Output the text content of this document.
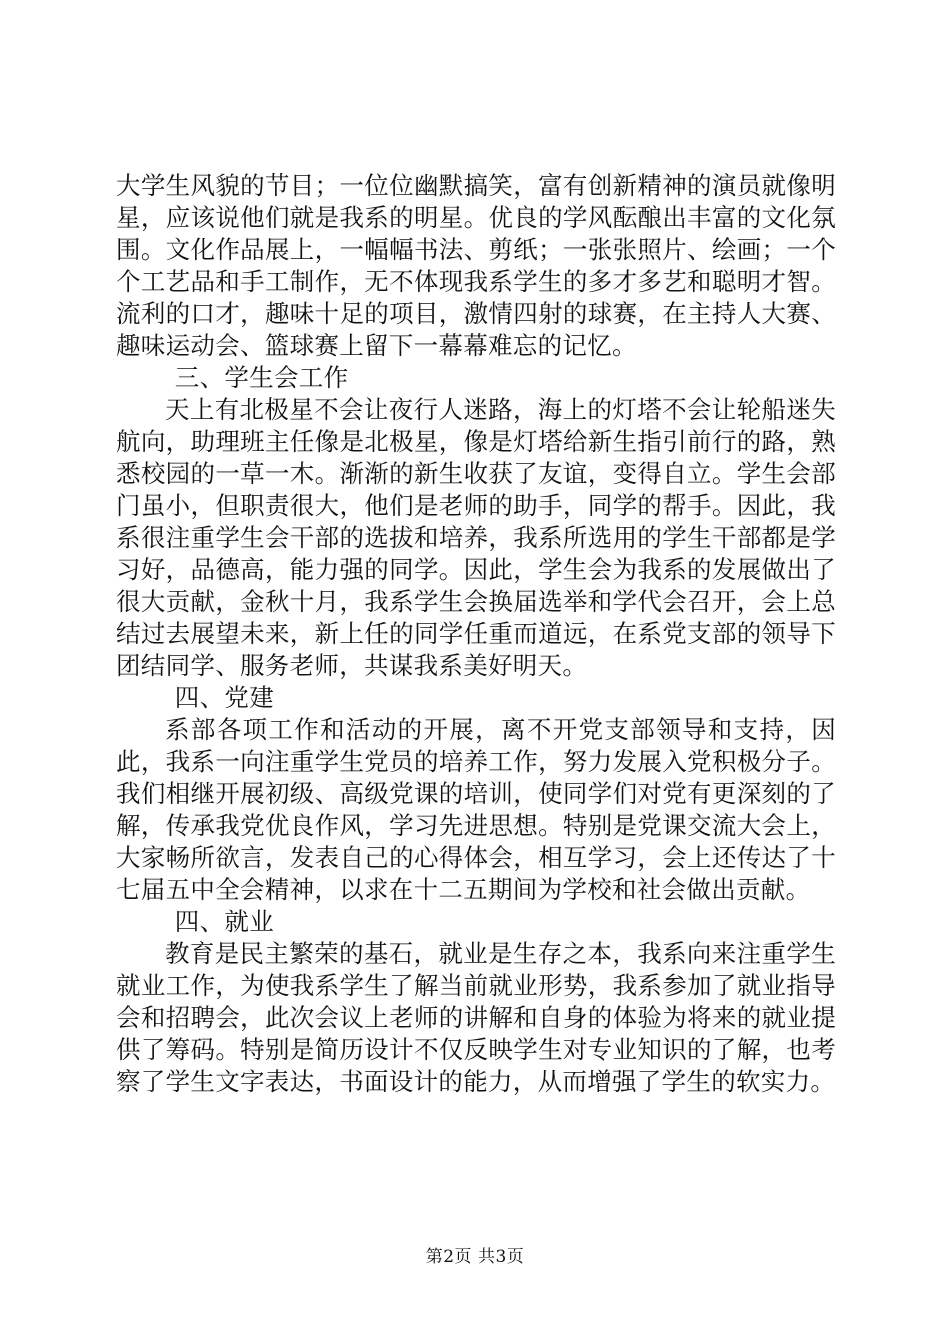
大学生风貌的节目；一位位幽默搞笑，富有创新精神的演员就像明星，应该说他们就是我系的明星。优良的学风酝酿出丰富的文化氛围。文化作品展上，一幅幅书法、剪纸；一张张照片、绘画；一个个工艺品和手工制作，无不体现我系学生的多才多艺和聪明才智。流利的口才，趣味十足的项目，激情四射的球赛，在主持人大赛、趣味运动会、篮球赛上留下一幕幕难忘的记忆。

三、学生会工作

天上有北极星不会让夜行人迷路，海上的灯塔不会让轮船迷失航向，助理班主任像是北极星，像是灯塔给新生指引前行的路，熟悉校园的一草一木。渐渐的新生收获了友谊，变得自立。学生会部门虽小，但职责很大，他们是老师的助手，同学的帮手。因此，我系很注重学生会干部的选拔和培养，我系所选用的学生干部都是学习好，品德高，能力强的同学。因此，学生会为我系的发展做出了很大贡献，金秋十月，我系学生会换届选举和学代会召开，会上总结过去展望未来，新上任的同学任重而道远，在系党支部的领导下团结同学、服务老师，共谋我系美好明天。

四、党建

系部各项工作和活动的开展，离不开党支部领导和支持，因此，我系一向注重学生党员的培养工作，努力发展入党积极分子。我们相继开展初级、高级党课的培训，使同学们对党有更深刻的了解，传承我党优良作风，学习先进思想。特别是党课交流大会上，大家畅所欲言，发表自己的心得体会，相互学习，会上还传达了十七届五中全会精神，以求在十二五期间为学校和社会做出贡献。

四、就业

教育是民主繁荣的基石，就业是生存之本，我系向来注重学生就业工作，为使我系学生了解当前就业形势，我系参加了就业指导会和招聘会，此次会议上老师的讲解和自身的体验为将来的就业提供了筹码。特别是简历设计不仅反映学生对专业知识的了解，也考察了学生文字表达，书面设计的能力，从而增强了学生的软实力。

第2页 共3页
